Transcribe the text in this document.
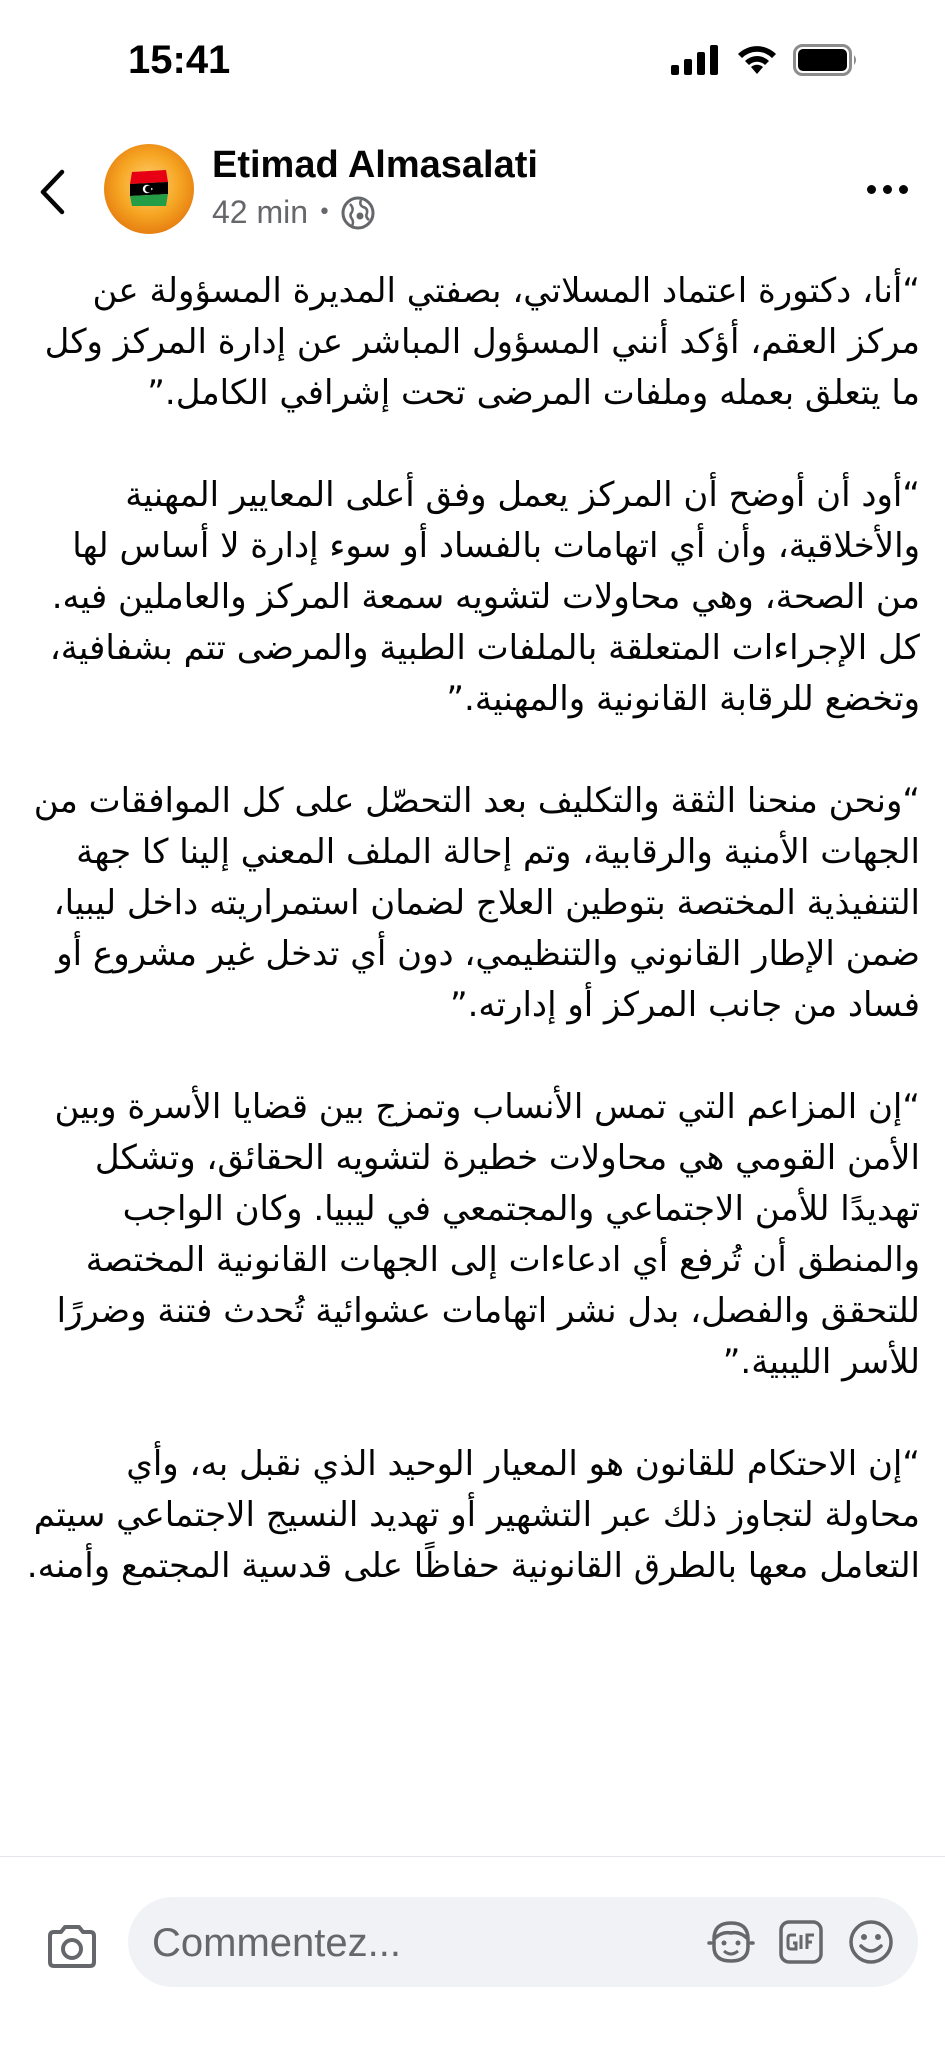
15:41
Etimad Almasalati
42 min •

“أنا، دكتورة اعتماد المسلاتي، بصفتي المديرة المسؤولة عن مركز العقم، أؤكد أنني المسؤول المباشر عن إدارة المركز وكل ما يتعلق بعمله وملفات المرضى تحت إشرافي الكامل.”

“أود أن أوضح أن المركز يعمل وفق أعلى المعايير المهنية والأخلاقية، وأن أي اتهامات بالفساد أو سوء إدارة لا أساس لها من الصحة، وهي محاولات لتشويه سمعة المركز والعاملين فيه. كل الإجراءات المتعلقة بالملفات الطبية والمرضى تتم بشفافية، وتخضع للرقابة القانونية والمهنية.”

“ونحن منحنا الثقة والتكليف بعد التحصّل على كل الموافقات من الجهات الأمنية والرقابية، وتم إحالة الملف المعني إلينا كا جهة التنفيذية المختصة بتوطين العلاج لضمان استمراريته داخل ليبيا، ضمن الإطار القانوني والتنظيمي، دون أي تدخل غير مشروع أو فساد من جانب المركز أو إدارته.”

“إن المزاعم التي تمس الأنساب وتمزج بين قضايا الأسرة وبين الأمن القومي هي محاولات خطيرة لتشويه الحقائق، وتشكل تهديدًا للأمن الاجتماعي والمجتمعي في ليبيا. وكان الواجب والمنطق أن تُرفع أي ادعاءات إلى الجهات القانونية المختصة للتحقق والفصل، بدل نشر اتهامات عشوائية تُحدث فتنة وضررًا للأسر الليبية.”

“إن الاحتكام للقانون هو المعيار الوحيد الذي نقبل به، وأي محاولة لتجاوز ذلك عبر التشهير أو تهديد النسيج الاجتماعي سيتم التعامل معها بالطرق القانونية حفاظًا على قدسية المجتمع وأمنه.

Commentez...
